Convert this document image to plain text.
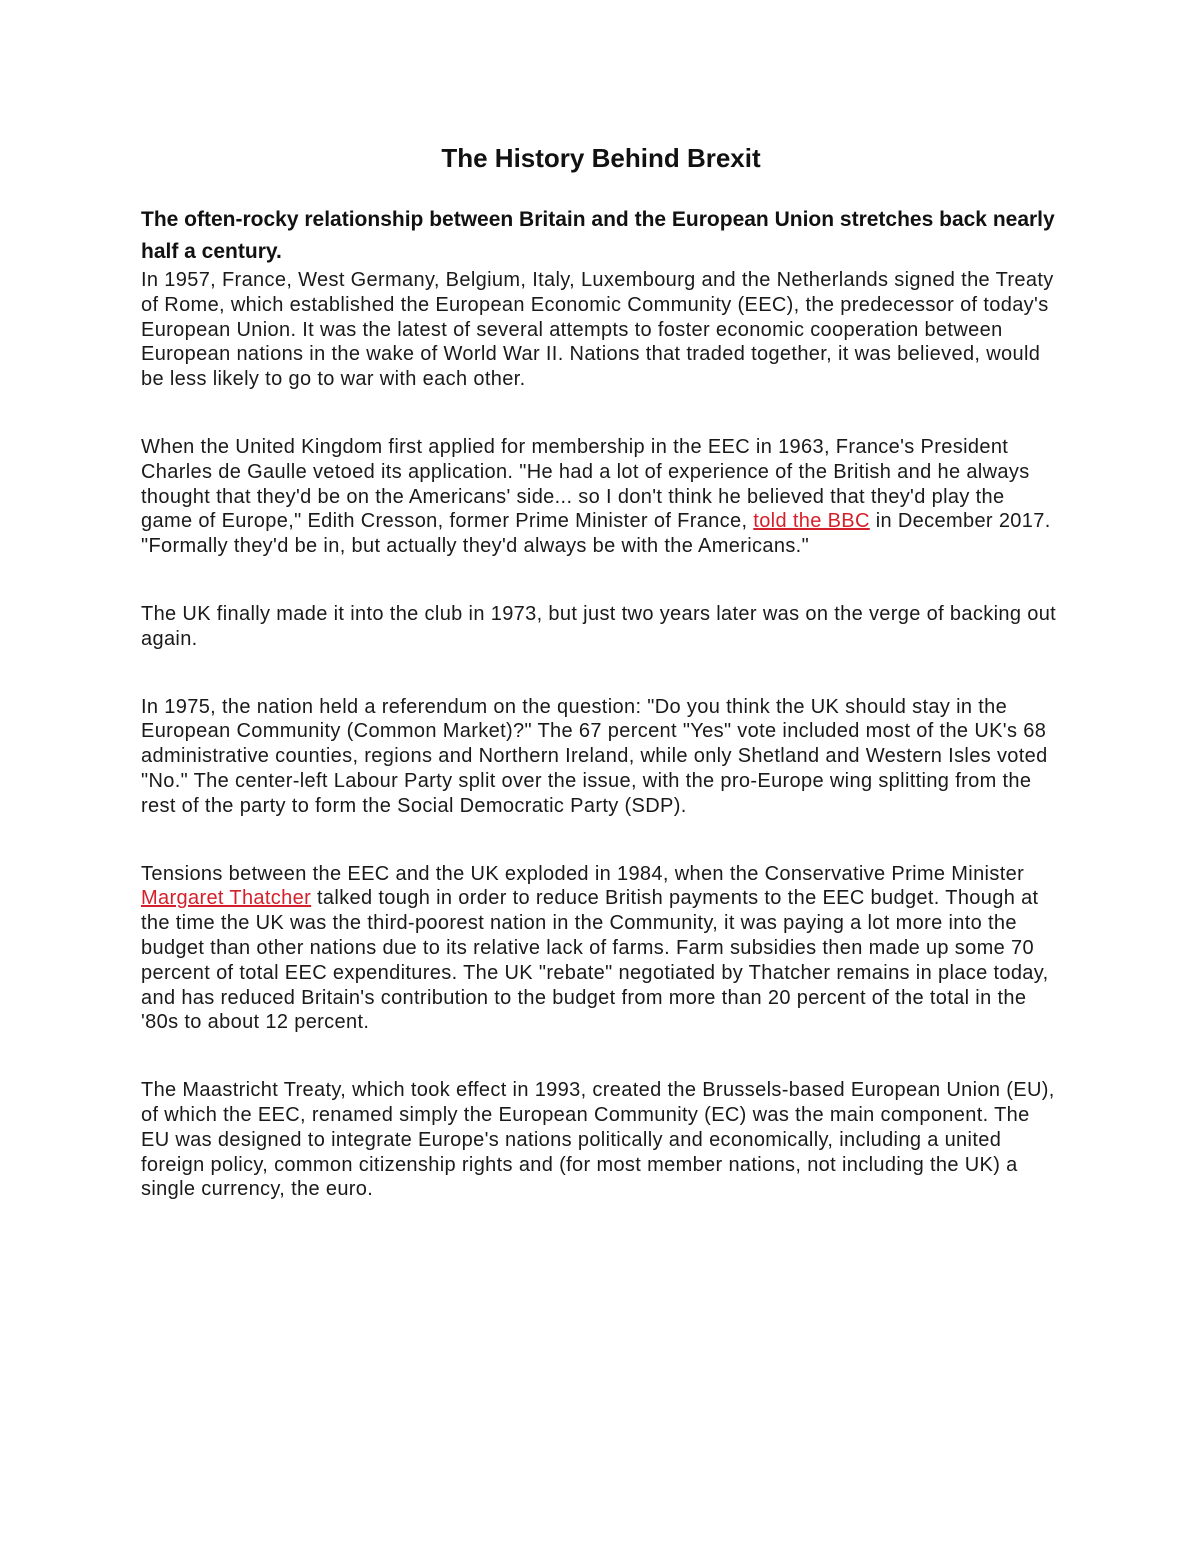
The History Behind Brexit

The often-rocky relationship between Britain and the European Union stretches back nearly half a century.

In 1957, France, West Germany, Belgium, Italy, Luxembourg and the Netherlands signed the Treaty of Rome, which established the European Economic Community (EEC), the predecessor of today's European Union. It was the latest of several attempts to foster economic cooperation between European nations in the wake of World War II. Nations that traded together, it was believed, would be less likely to go to war with each other.

When the United Kingdom first applied for membership in the EEC in 1963, France's President Charles de Gaulle vetoed its application. "He had a lot of experience of the British and he always thought that they'd be on the Americans' side... so I don't think he believed that they'd play the game of Europe," Edith Cresson, former Prime Minister of France, told the BBC in December 2017. "Formally they'd be in, but actually they'd always be with the Americans."

The UK finally made it into the club in 1973, but just two years later was on the verge of backing out again.

In 1975, the nation held a referendum on the question: "Do you think the UK should stay in the European Community (Common Market)?" The 67 percent "Yes" vote included most of the UK's 68 administrative counties, regions and Northern Ireland, while only Shetland and Western Isles voted "No." The center-left Labour Party split over the issue, with the pro-Europe wing splitting from the rest of the party to form the Social Democratic Party (SDP).

Tensions between the EEC and the UK exploded in 1984, when the Conservative Prime Minister Margaret Thatcher talked tough in order to reduce British payments to the EEC budget. Though at the time the UK was the third-poorest nation in the Community, it was paying a lot more into the budget than other nations due to its relative lack of farms. Farm subsidies then made up some 70 percent of total EEC expenditures. The UK "rebate" negotiated by Thatcher remains in place today, and has reduced Britain's contribution to the budget from more than 20 percent of the total in the '80s to about 12 percent.

The Maastricht Treaty, which took effect in 1993, created the Brussels-based European Union (EU), of which the EEC, renamed simply the European Community (EC) was the main component. The EU was designed to integrate Europe's nations politically and economically, including a united foreign policy, common citizenship rights and (for most member nations, not including the UK) a single currency, the euro.
